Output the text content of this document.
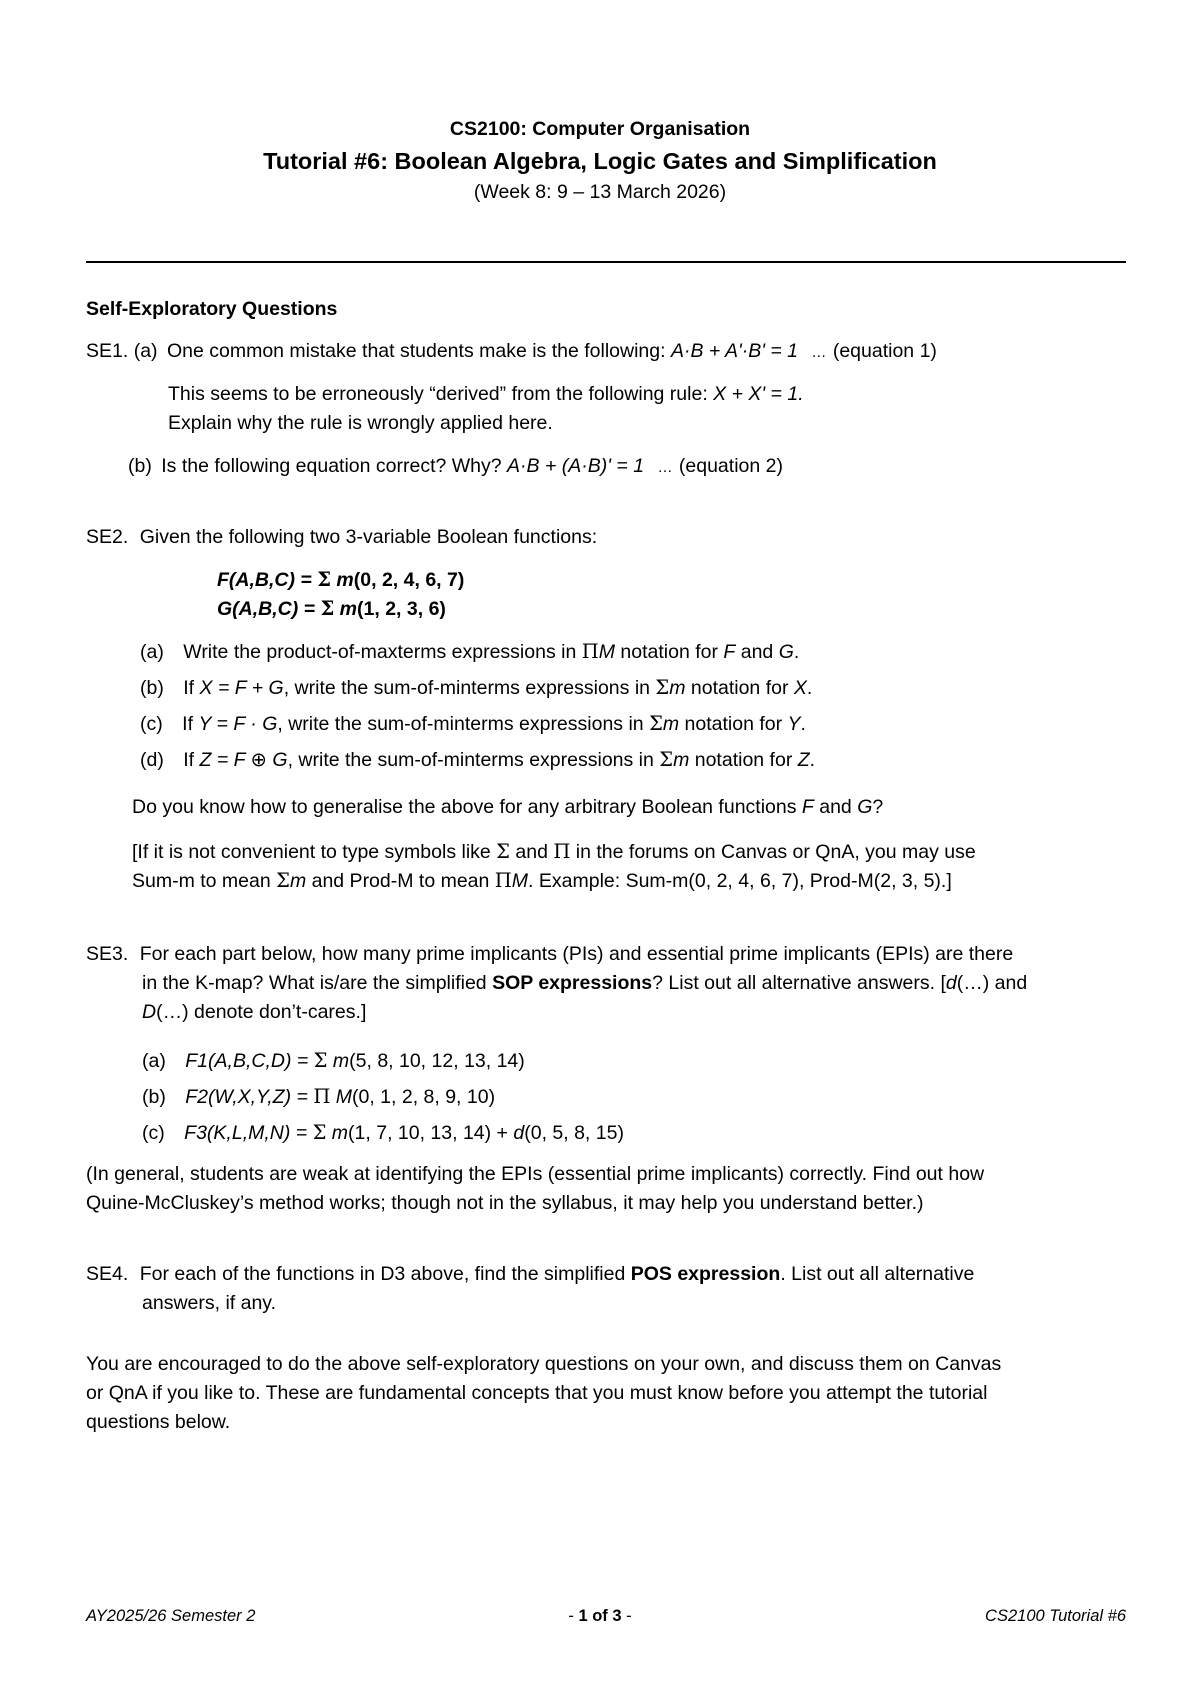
CS2100: Computer Organisation
Tutorial #6: Boolean Algebra, Logic Gates and Simplification
(Week 8: 9 – 13 March 2026)
Self-Exploratory Questions
SE1. (a) One common mistake that students make is the following: A·B + A'·B' = 1 … (equation 1)
This seems to be erroneously “derived” from the following rule: X + X' = 1.
Explain why the rule is wrongly applied here.
(b) Is the following equation correct? Why? A·B + (A·B)' = 1 … (equation 2)
SE2. Given the following two 3-variable Boolean functions:
F(A,B,C) = Σ m(0, 2, 4, 6, 7)
G(A,B,C) = Σ m(1, 2, 3, 6)
(a) Write the product-of-maxterms expressions in ΠM notation for F and G.
(b) If X = F + G, write the sum-of-minterms expressions in Σm notation for X.
(c) If Y = F · G, write the sum-of-minterms expressions in Σm notation for Y.
(d) If Z = F ⊕ G, write the sum-of-minterms expressions in Σm notation for Z.
Do you know how to generalise the above for any arbitrary Boolean functions F and G?
[If it is not convenient to type symbols like Σ and Π in the forums on Canvas or QnA, you may use
Sum-m to mean Σm and Prod-M to mean ΠM. Example: Sum-m(0, 2, 4, 6, 7), Prod-M(2, 3, 5).]
SE3. For each part below, how many prime implicants (PIs) and essential prime implicants (EPIs) are there
in the K-map? What is/are the simplified SOP expressions? List out all alternative answers. [d(…) and
D(…) denote don’t-cares.]
(a) F1(A,B,C,D) = Σ m(5, 8, 10, 12, 13, 14)
(b) F2(W,X,Y,Z) = Π M(0, 1, 2, 8, 9, 10)
(c) F3(K,L,M,N) = Σ m(1, 7, 10, 13, 14) + d(0, 5, 8, 15)
(In general, students are weak at identifying the EPIs (essential prime implicants) correctly. Find out how
Quine-McCluskey’s method works; though not in the syllabus, it may help you understand better.)
SE4. For each of the functions in D3 above, find the simplified POS expression. List out all alternative
answers, if any.
You are encouraged to do the above self-exploratory questions on your own, and discuss them on Canvas
or QnA if you like to. These are fundamental concepts that you must know before you attempt the tutorial
questions below.
AY2025/26 Semester 2	- 1 of 3 -	CS2100 Tutorial #6
